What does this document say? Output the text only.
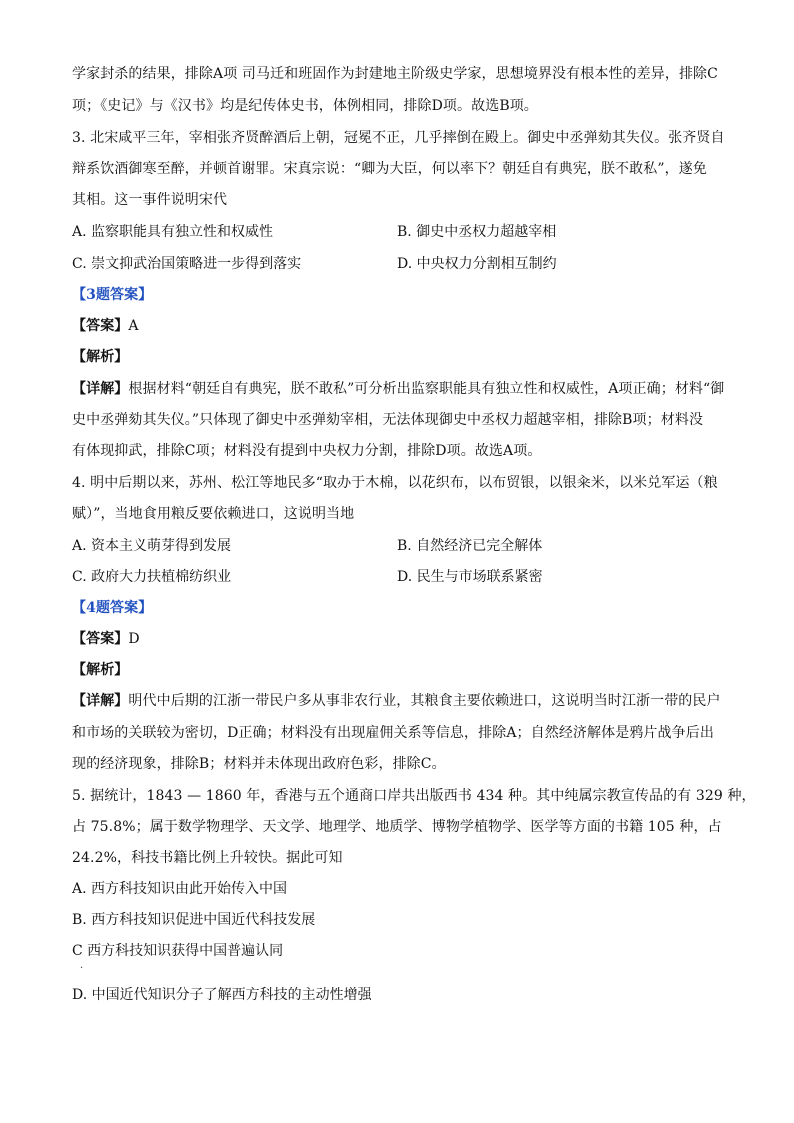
学家封杀的结果，排除A项 司马迁和班固作为封建地主阶级史学家，思想境界没有根本性的差异，排除C
项；《史记》与《汉书》均是纪传体史书，体例相同，排除D项。故选B项。
3. 北宋咸平三年，宰相张齐贤醉酒后上朝，冠冕不正，几乎摔倒在殿上。御史中丞弹劾其失仪。张齐贤自
辩系饮酒御寒至醉，并顿首谢罪。宋真宗说：“卿为大臣，何以率下？朝廷自有典宪，朕不敢私”，遂免
其相。这一事件说明宋代
A. 监察职能具有独立性和权威性	B. 御史中丞权力超越宰相
C. 崇文抑武治国策略进一步得到落实	D. 中央权力分割相互制约
【3题答案】
【答案】A
【解析】
【详解】根据材料“朝廷自有典宪，朕不敢私”可分析出监察职能具有独立性和权威性，A项正确；材料“御
史中丞弹劾其失仪。”只体现了御史中丞弹劾宰相，无法体现御史中丞权力超越宰相，排除B项；材料没
有体现抑武，排除C项；材料没有提到中央权力分割，排除D项。故选A项。
4. 明中后期以来，苏州、松江等地民多“取办于木棉，以花织布，以布贸银，以银籴米，以米兑军运（粮
赋）”，当地食用粮反要依赖进口，这说明当地
A. 资本主义萌芽得到发展	B. 自然经济已完全解体
C. 政府大力扶植棉纺织业	D. 民生与市场联系紧密
【4题答案】
【答案】D
【解析】
【详解】明代中后期的江浙一带民户多从事非农行业，其粮食主要依赖进口，这说明当时江浙一带的民户
和市场的关联较为密切，D正确；材料没有出现雇佣关系等信息，排除A；自然经济解体是鸦片战争后出
现的经济现象，排除B；材料并未体现出政府色彩，排除C。
5. 据统计，1843 — 1860 年，香港与五个通商口岸共出版西书 434 种。其中纯属宗教宣传品的有 329 种，
占 75.8%；属于数学物理学、天文学、地理学、地质学、博物学植物学、医学等方面的书籍 105 种，占
24.2%，科技书籍比例上升较快。据此可知
A. 西方科技知识由此开始传入中国
B. 西方科技知识促进中国近代科技发展
C 西方科技知识获得中国普遍认同
.
D. 中国近代知识分子了解西方科技的主动性增强
